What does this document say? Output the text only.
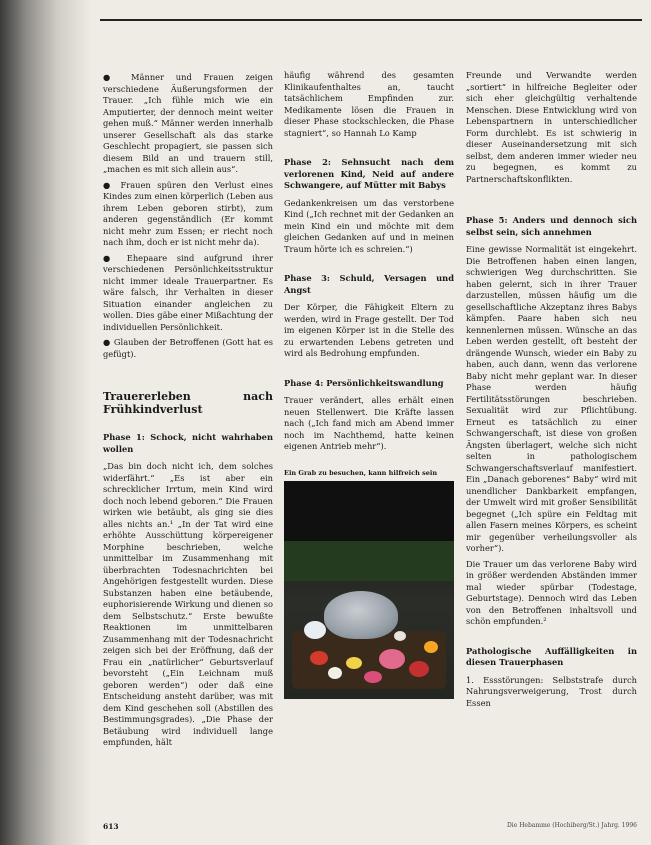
● Männer und Frauen zeigen verschiedene Äußerungsformen der Trauer. „Ich fühle mich wie ein Amputierter, der dennoch meint weiter gehen muß.“ Männer werden innerhalb unserer Gesellschaft als das starke Geschlecht propagiert, sie passen sich diesem Bild an und trauern still, „machen es mit sich allein aus“.

● Frauen spüren den Verlust eines Kindes zum einen körperlich (Leben aus ihrem Leben geboren stirbt), zum anderen gegenständlich (Er kommt nicht mehr zum Essen; er riecht noch nach ihm, doch er ist nicht mehr da).

● Ehepaare sind aufgrund ihrer verschiedenen Persönlichkeitsstruktur nicht immer ideale Trauerpartner. Es wäre falsch, ihr Verhalten in dieser Situation einander angleichen zu wollen. Dies gäbe einer Mißachtung der individuellen Persönlichkeit.

● Glauben der Betroffenen (Gott hat es gefügt).

Trauererleben nach Frühkindverlust
Phase 1: Schock, nicht wahrhaben wollen

„Das bin doch nicht ich, dem solches widerfährt.“ „Es ist aber ein schrecklicher Irrtum, mein Kind wird doch noch lebend geboren.“ Die Frauen wirken wie betäubt, als ging sie dies alles nichts an.¹ „In der Tat wird eine erhöhte Ausschüttung körpereigener Morphine beschrieben, welche unmittelbar im Zusammenhang mit überbrachten Todesnachrichten bei Angehörigen festgestellt wurden. Diese Substanzen haben eine betäubende, euphorisierende Wirkung und dienen so dem Selbstschutz.“ Erste bewußte Reaktionen im unmittelbaren Zusammenhang mit der Todesnachricht zeigen sich bei der Eröffnung, daß der Frau ein „natürlicher“ Geburtsverlauf bevorsteht („Ein Leichnam muß geboren werden“) oder daß eine Entscheidung ansteht darüber, was mit dem Kind geschehen soll (Abstillen des Bestimmungsgrades). „Die Phase der Betäubung wird individuell lange empfunden, hält

häufig während des gesamten Klinikaufenthaltes an, taucht tatsächlichem Empfinden zur. Medikamente lösen die Frauen in dieser Phase stockschlecken, die Phase stagniert“, so Hannah Lo Kamp

Phase 2: Sehnsucht nach dem verlorenen Kind, Neid auf andere Schwangere, auf Mütter mit Babys

Gedankenkreisen um das verstorbene Kind („Ich rechnet mit der Gedanken an mein Kind ein und möchte mit dem gleichen Gedanken auf und in meinen Traum hörte ich es schreien.“)

Phase 3: Schuld, Versagen und Angst

Der Körper, die Fähigkeit Eltern zu werden, wird in Frage gestellt. Der Tod im eigenen Körper ist in die Stelle des zu erwartenden Lebens getreten und wird als Bedrohung empfunden.

Phase 4: Persönlichkeitswandlung

Trauer verändert, alles erhält einen neuen Stellenwert. Die Kräfte lassen nach („Ich fand mich am Abend immer noch im Nachthemd, hatte keinen eigenen Antrieb mehr“).

Ein Grab zu besuchen, kann hilfreich sein

Freunde und Verwandte werden „sortiert“ in hilfreiche Begleiter oder sich eher gleichgültig verhaltende Menschen. Diese Entwicklung wird von Lebenspartnern in unterschiedlicher Form durchlebt. Es ist schwierig in dieser Auseinandersetzung mit sich selbst, dem anderen immer wieder neu zu begegnen, es kommt zu Partnerschaftskonflikten.

Phase 5: Anders und dennoch sich selbst sein, sich annehmen

Eine gewisse Normalität ist eingekehrt. Die Betroffenen haben einen langen, schwierigen Weg durchschritten. Sie haben gelernt, sich in ihrer Trauer darzustellen, müssen häufig um die gesellschaftliche Akzeptanz ihres Babys kämpfen. Paare haben sich neu kennenlernen müssen. Wünsche an das Leben werden gestellt, oft besteht der drängende Wunsch, wieder ein Baby zu haben, auch dann, wenn das verlorene Baby nicht mehr geplant war. In dieser Phase werden häufig Fertilitätsstörungen beschrieben. Sexualität wird zur Pflichtübung. Erneut es tatsächlich zu einer Schwangerschaft, ist diese von großen Ängsten überlagert, welche sich nicht selten in pathologischem Schwangerschaftsverlauf manifestiert. Ein „Danach geborenes“ Baby“ wird mit unendlicher Dankbarkeit empfangen, der Umwelt wird mit großer Sensibilität begegnet („Ich spüre ein Feldtag mit allen Fasern meines Körpers, es scheint mir gegenüber verheilungsvoller als vorher“).

Die Trauer um das verlorene Baby wird in größer werdenden Abständen immer mal wieder spürbar (Todestage, Geburtstage). Dennoch wird das Leben von den Betroffenen inhaltsvoll und schön empfunden.²

Pathologische Auffälligkeiten in diesen Trauerphasen

1. Essstörungen: Selbststrafe durch Nahrungsverweigerung, Trost durch Essen

613	Die Hebamme (Hochiberg/St.) Jahrg. 1996
